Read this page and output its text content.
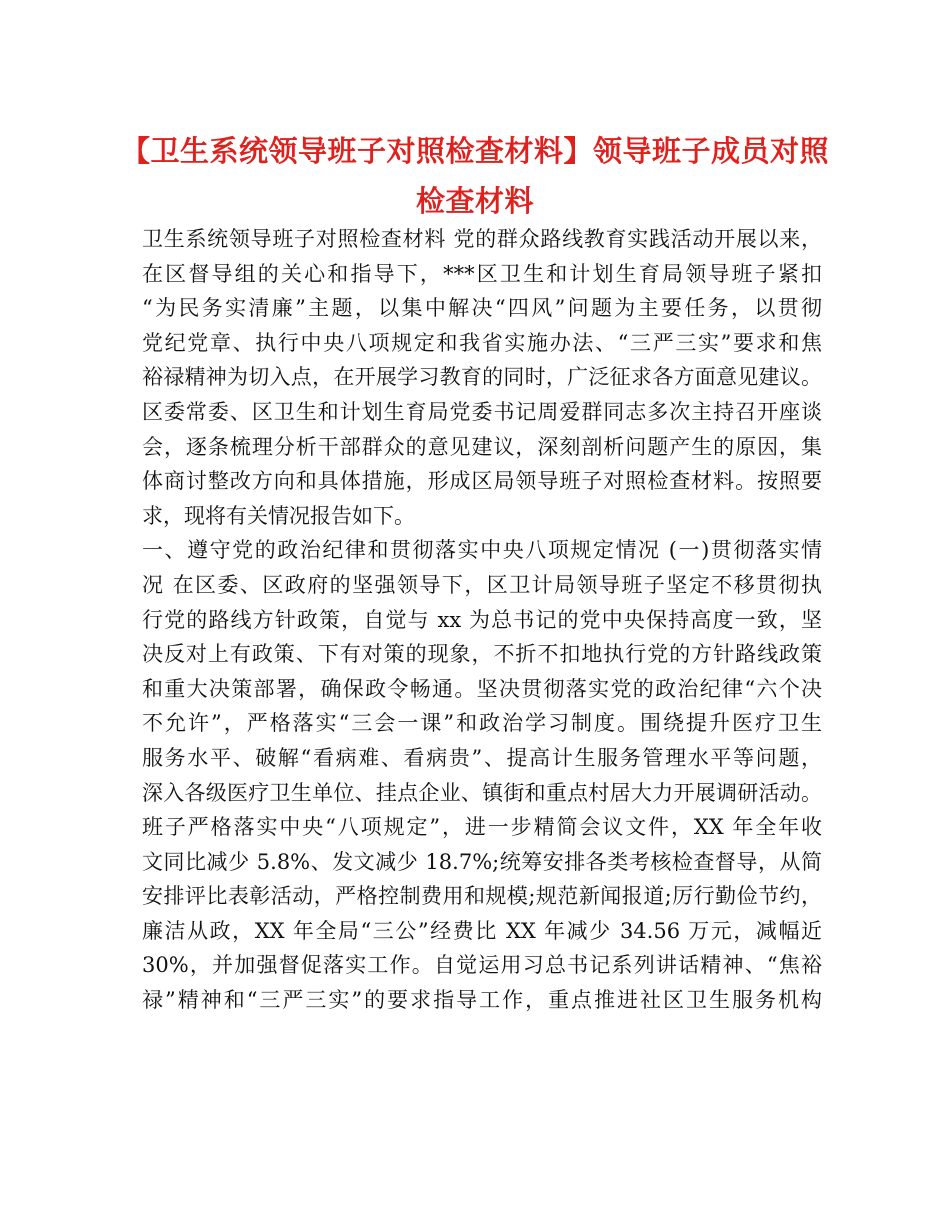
【卫生系统领导班子对照检查材料】领导班子成员对照
检查材料
卫生系统领导班子对照检查材料 党的群众路线教育实践活动开展以来，
在区督导组的关心和指导下，***区卫生和计划生育局领导班子紧扣
“为民务实清廉”主题，以集中解决“四风”问题为主要任务，以贯彻
党纪党章、执行中央八项规定和我省实施办法、“三严三实”要求和焦
裕禄精神为切入点，在开展学习教育的同时，广泛征求各方面意见建议。
区委常委、区卫生和计划生育局党委书记周爱群同志多次主持召开座谈
会，逐条梳理分析干部群众的意见建议，深刻剖析问题产生的原因，集
体商讨整改方向和具体措施，形成区局领导班子对照检查材料。按照要
求，现将有关情况报告如下。
一、遵守党的政治纪律和贯彻落实中央八项规定情况 (一)贯彻落实情
况 在区委、区政府的坚强领导下，区卫计局领导班子坚定不移贯彻执
行党的路线方针政策，自觉与 xx 为总书记的党中央保持高度一致，坚
决反对上有政策、下有对策的现象，不折不扣地执行党的方针路线政策
和重大决策部署，确保政令畅通。坚决贯彻落实党的政治纪律“六个决
不允许”，严格落实“三会一课”和政治学习制度。围绕提升医疗卫生
服务水平、破解“看病难、看病贵”、提高计生服务管理水平等问题，
深入各级医疗卫生单位、挂点企业、镇街和重点村居大力开展调研活动。
班子严格落实中央“八项规定”，进一步精简会议文件，XX 年全年收
文同比减少 5.8%、发文减少 18.7%;统筹安排各类考核检查督导，从简
安排评比表彰活动，严格控制费用和规模;规范新闻报道;厉行勤俭节约，
廉洁从政，XX 年全局“三公”经费比 XX 年减少 34.56 万元，减幅近
30%，并加强督促落实工作。自觉运用习总书记系列讲话精神、“焦裕
禄”精神和“三严三实”的要求指导工作，重点推进社区卫生服务机构
